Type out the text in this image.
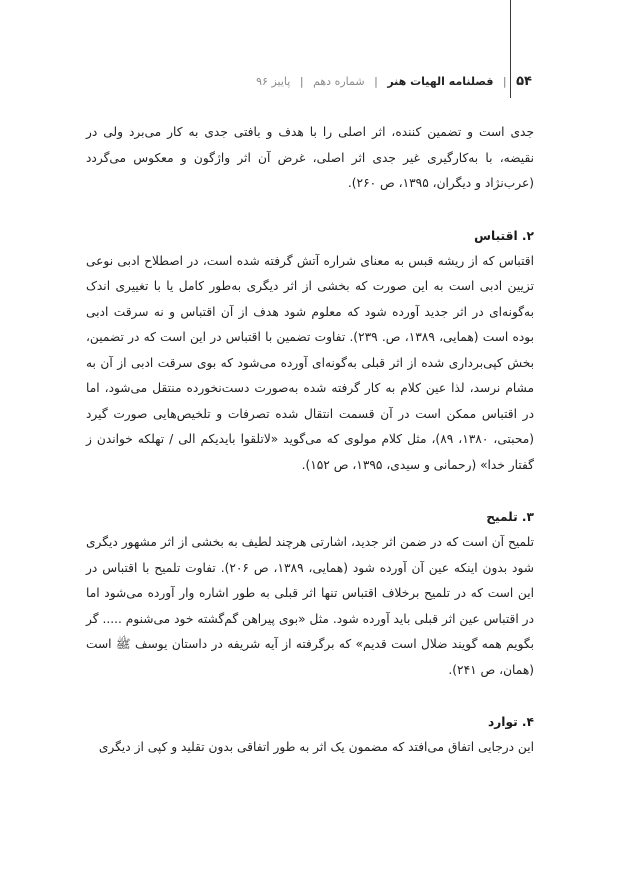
۵۴ | فصلنامه الهیات هنر | شماره دهم | پاییز ۹۶

جدی است و تضمین کننده، اثر اصلی را با هدف و بافتی جدی به کار می‌برد ولی در نقیضه، با به‌کارگیری غیر جدی اثر اصلی، غرض آن اثر واژگون و معکوس می‌گردد (عرب‌نژاد و دیگران، ۱۳۹۵، ص ۲۶۰).

۲. اقتباس

اقتباس که از ریشه قبس به معنای شراره آتش گرفته شده است، در اصطلاح ادبی نوعی تزیین ادبی است به این صورت که بخشی از اثر دیگری به‌طور کامل یا با تغییری اندک به‌گونه‌ای در اثر جدید آورده شود که معلوم شود هدف از آن اقتباس و نه سرقت ادبی بوده است (همایی، ۱۳۸۹، ص. ۲۳۹). تفاوت تضمین با اقتباس در این است که در تضمین، بخش کپی‌برداری شده از اثر قبلی به‌گونه‌ای آورده می‌شود که بوی سرقت ادبی از آن به مشام نرسد، لذا عین کلام به کار گرفته شده به‌صورت دست‌نخورده منتقل می‌شود، اما در اقتباس ممکن است در آن قسمت انتقال شده تصرفات و تلخیص‌هایی صورت گیرد (محبتی، ۱۳۸۰، ۸۹)، مثل کلام مولوی که می‌گوید «لاتلقوا بایدیکم الی / تهلکه خواندن ز گفتار خدا» (رحمانی و سیدی، ۱۳۹۵، ص ۱۵۲).

۳. تلمیح

تلمیح آن است که در ضمن اثر جدید، اشارتی هرچند لطیف به بخشی از اثر مشهور دیگری شود بدون اینکه عین آن آورده شود (همایی، ۱۳۸۹، ص ۲۰۶). تفاوت تلمیح با اقتباس در این است که در تلمیح برخلاف اقتباس تنها اثر قبلی به طور اشاره وار آورده می‌شود اما در اقتباس عین اثر قبلی باید آورده شود. مثل «بوی پیراهن گم‌گشته خود می‌شنوم ..... گر بگویم همه گویند ضلال است قدیم» که برگرفته از آیه شریفه در داستان یوسف ﷺ است (همان، ص ۲۴۱).

۴. توارد

این درجایی اتفاق می‌افتد که مضمون یک اثر به طور اتفاقی بدون تقلید و کپی از دیگری
